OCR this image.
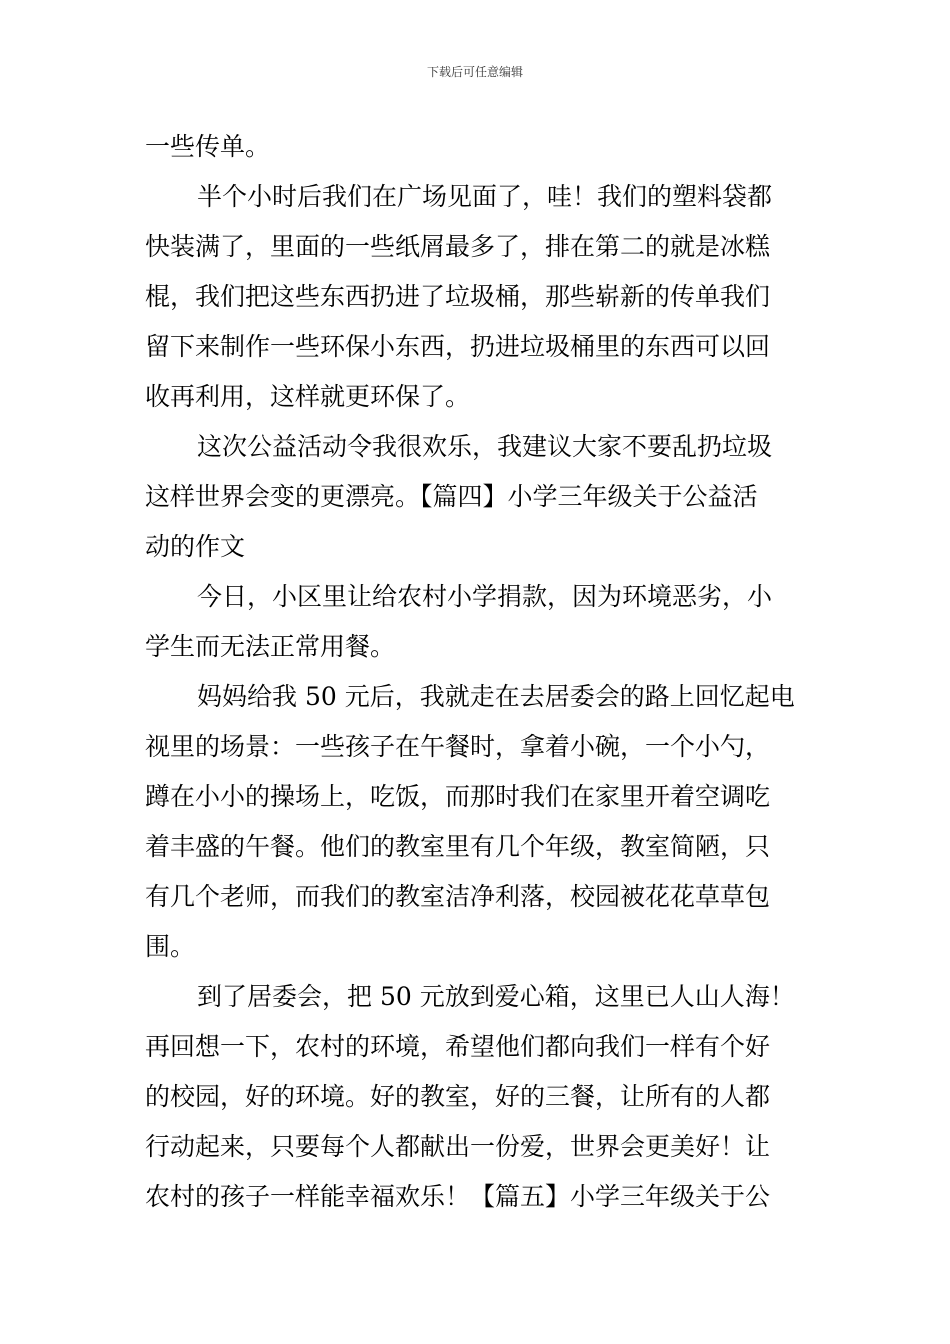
下载后可任意编辑
一些传单。
半个小时后我们在广场见面了，哇！我们的塑料袋都
快装满了，里面的一些纸屑最多了，排在第二的就是冰糕
棍，我们把这些东西扔进了垃圾桶，那些崭新的传单我们
留下来制作一些环保小东西，扔进垃圾桶里的东西可以回
收再利用，这样就更环保了。
这次公益活动令我很欢乐，我建议大家不要乱扔垃圾
这样世界会变的更漂亮。【篇四】小学三年级关于公益活
动的作文
今日，小区里让给农村小学捐款，因为环境恶劣，小
学生而无法正常用餐。
妈妈给我 50 元后，我就走在去居委会的路上回忆起电
视里的场景：一些孩子在午餐时，拿着小碗，一个小勺，
蹲在小小的操场上，吃饭，而那时我们在家里开着空调吃
着丰盛的午餐。他们的教室里有几个年级，教室简陋，只
有几个老师，而我们的教室洁净利落，校园被花花草草包
围。
到了居委会，把 50 元放到爱心箱，这里已人山人海！
再回想一下，农村的环境，希望他们都向我们一样有个好
的校园，好的环境。好的教室，好的三餐，让所有的人都
行动起来，只要每个人都献出一份爱，世界会更美好！让
农村的孩子一样能幸福欢乐！【篇五】小学三年级关于公
